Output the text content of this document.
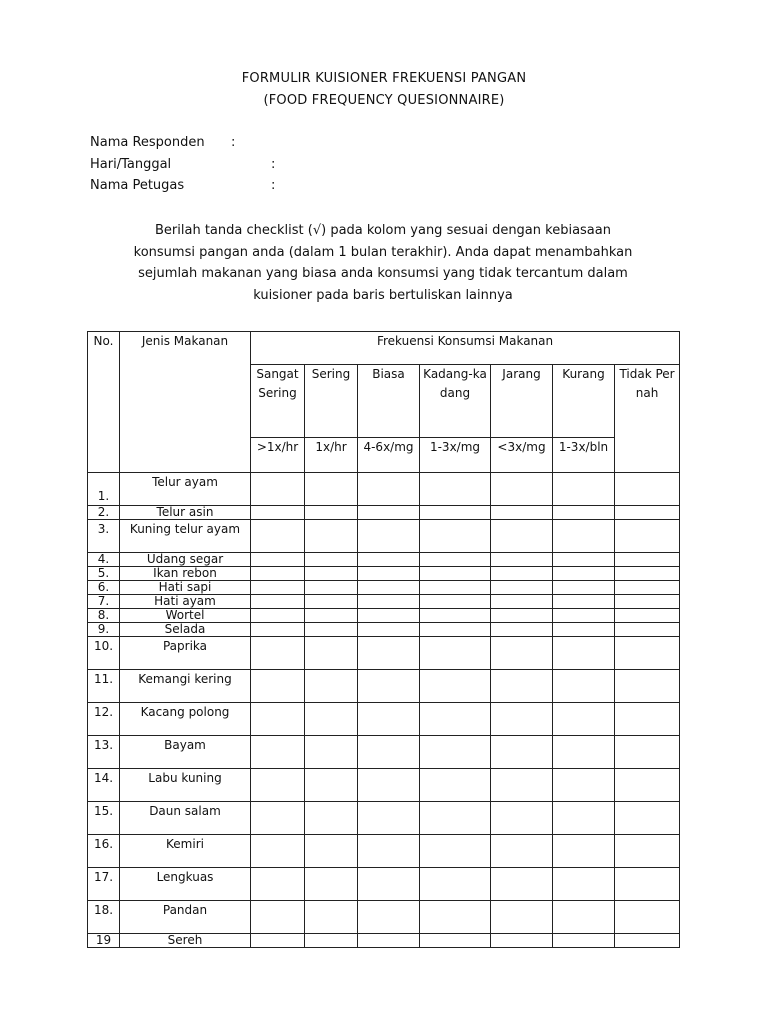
FORMULIR KUISIONER FREKUENSI PANGAN
(FOOD FREQUENCY QUESIONNAIRE)
Nama Responden :
Hari/Tanggal	:
Nama Petugas	:
Berilah tanda checklist (√) pada kolom yang sesuai dengan kebiasaan
konsumsi pangan anda (dalam 1 bulan terakhir). Anda dapat menambahkan
sejumlah makanan yang biasa anda konsumsi yang tidak tercantum dalam
kuisioner pada baris bertuliskan lainnya
No.	Jenis Makanan	Frekuensi Konsumsi Makanan						
		Sangat Sering	Sering	Biasa	Kadang-kadang	Jarang	Kurang	Tidak Pernah
		>1x/hr	1x/hr	4-6x/mg	1-3x/mg	<3x/mg	1-3x/bln	
1.	Telur ayam							
2.	Telur asin							
3.	Kuning telur ayam							
4.	Udang segar							
5.	Ikan rebon							
6.	Hati sapi							
7.	Hati ayam							
8.	Wortel							
9.	Selada							
10.	Paprika							
11.	Kemangi kering							
12.	Kacang polong							
13.	Bayam							
14.	Labu kuning							
15.	Daun salam							
16.	Kemiri							
17.	Lengkuas							
18.	Pandan							
19	Sereh							
